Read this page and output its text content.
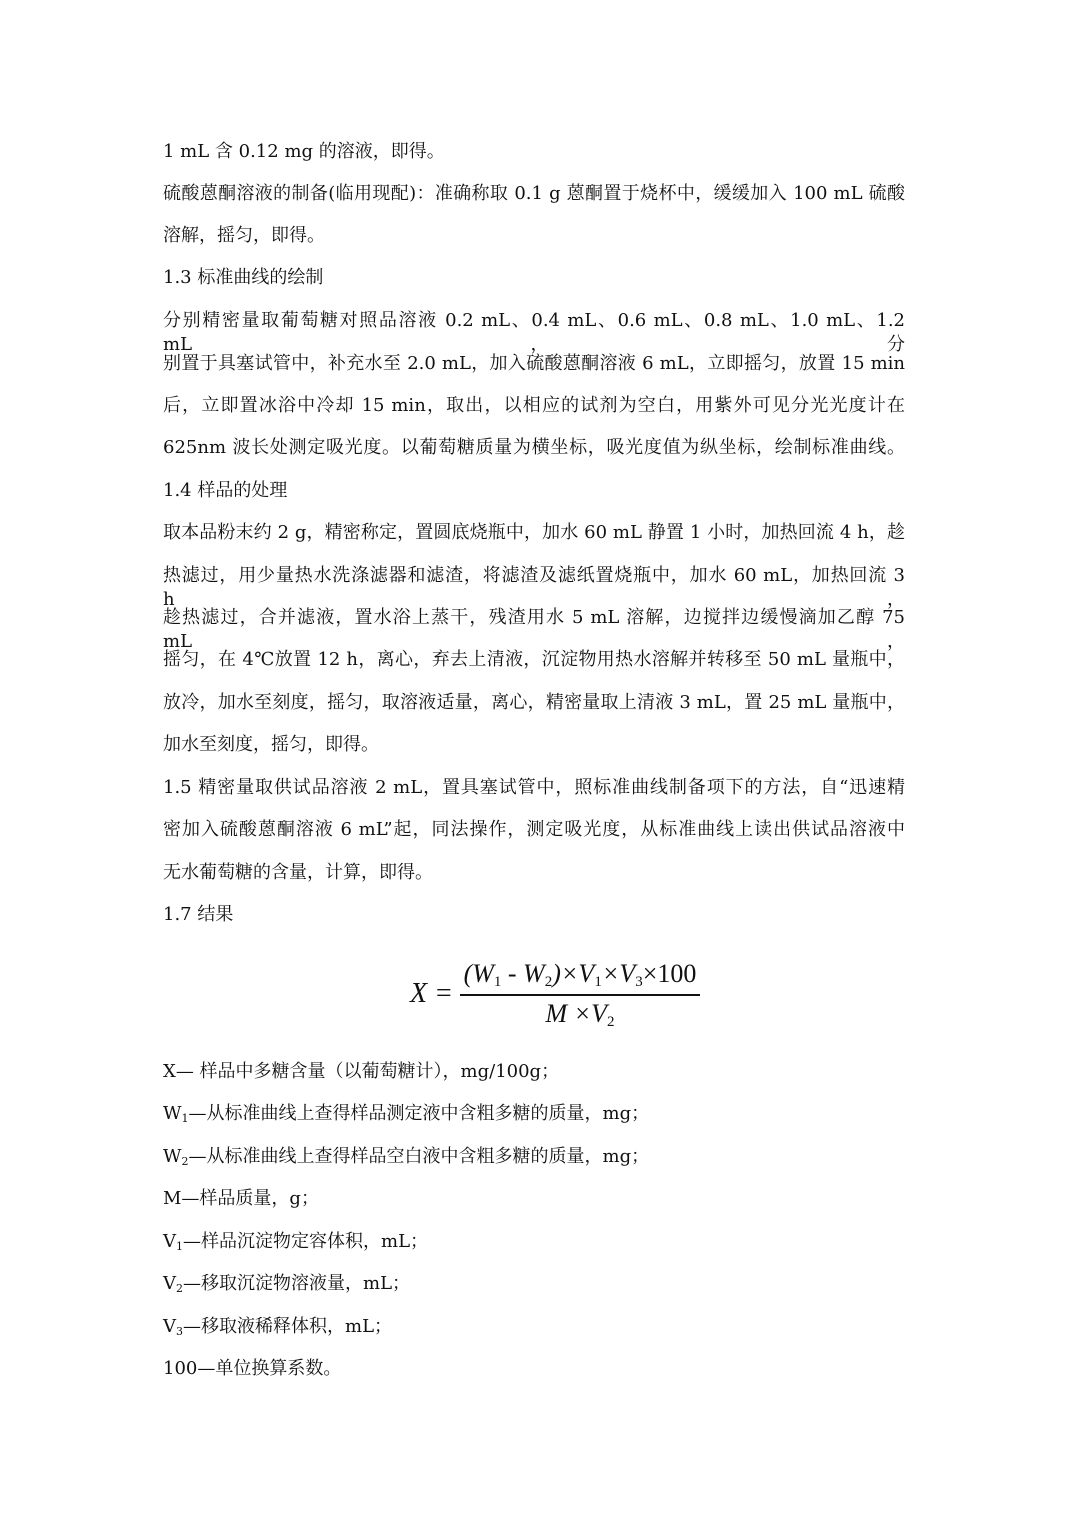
1 mL 含 0.12 mg 的溶液，即得。
硫酸蒽酮溶液的制备(临用现配)：准确称取 0.1 g 蒽酮置于烧杯中，缓缓加入 100 mL 硫酸
溶解，摇匀，即得。
1.3 标准曲线的绘制
分别精密量取葡萄糖对照品溶液 0.2 mL、0.4 mL、0.6 mL、0.8 mL、1.0 mL、1.2 mL，分
别置于具塞试管中，补充水至 2.0 mL，加入硫酸蒽酮溶液 6 mL，立即摇匀，放置 15 min
后，立即置冰浴中冷却 15 min，取出，以相应的试剂为空白，用紫外可见分光光度计在
625nm 波长处测定吸光度。以葡萄糖质量为横坐标，吸光度值为纵坐标，绘制标准曲线。
1.4 样品的处理
取本品粉末约 2 g，精密称定，置圆底烧瓶中，加水 60 mL 静置 1 小时，加热回流 4 h，趁
热滤过，用少量热水洗涤滤器和滤渣，将滤渣及滤纸置烧瓶中，加水 60 mL，加热回流 3 h，
趁热滤过，合并滤液，置水浴上蒸干，残渣用水 5 mL 溶解，边搅拌边缓慢滴加乙醇 75 mL，
摇匀，在 4℃放置 12 h，离心，弃去上清液，沉淀物用热水溶解并转移至 50 mL 量瓶中，
放冷，加水至刻度，摇匀，取溶液适量，离心，精密量取上清液 3 mL，置 25 mL 量瓶中，
加水至刻度，摇匀，即得。
1.5 精密量取供试品溶液 2 mL，置具塞试管中，照标准曲线制备项下的方法，自“迅速精
密加入硫酸蒽酮溶液 6 mL”起，同法操作，测定吸光度，从标准曲线上读出供试品溶液中
无水葡萄糖的含量，计算，即得。
1.7 结果
X =
$(W_1 - W_2)\times V_1\times V_3\times 100$
$M \times V_2$
X— 样品中多糖含量（以葡萄糖计），mg/100g；
$W_1—$从标准曲线上查得样品测定液中含粗多糖的质量，mg；
$W_2—$从标准曲线上查得样品空白液中含粗多糖的质量，mg；
M—样品质量，g；
$V_1—$样品沉淀物定容体积，mL；
$V_2—$移取沉淀物溶液量，mL；
$V_3—$移取液稀释体积，mL；
100—单位换算系数。
